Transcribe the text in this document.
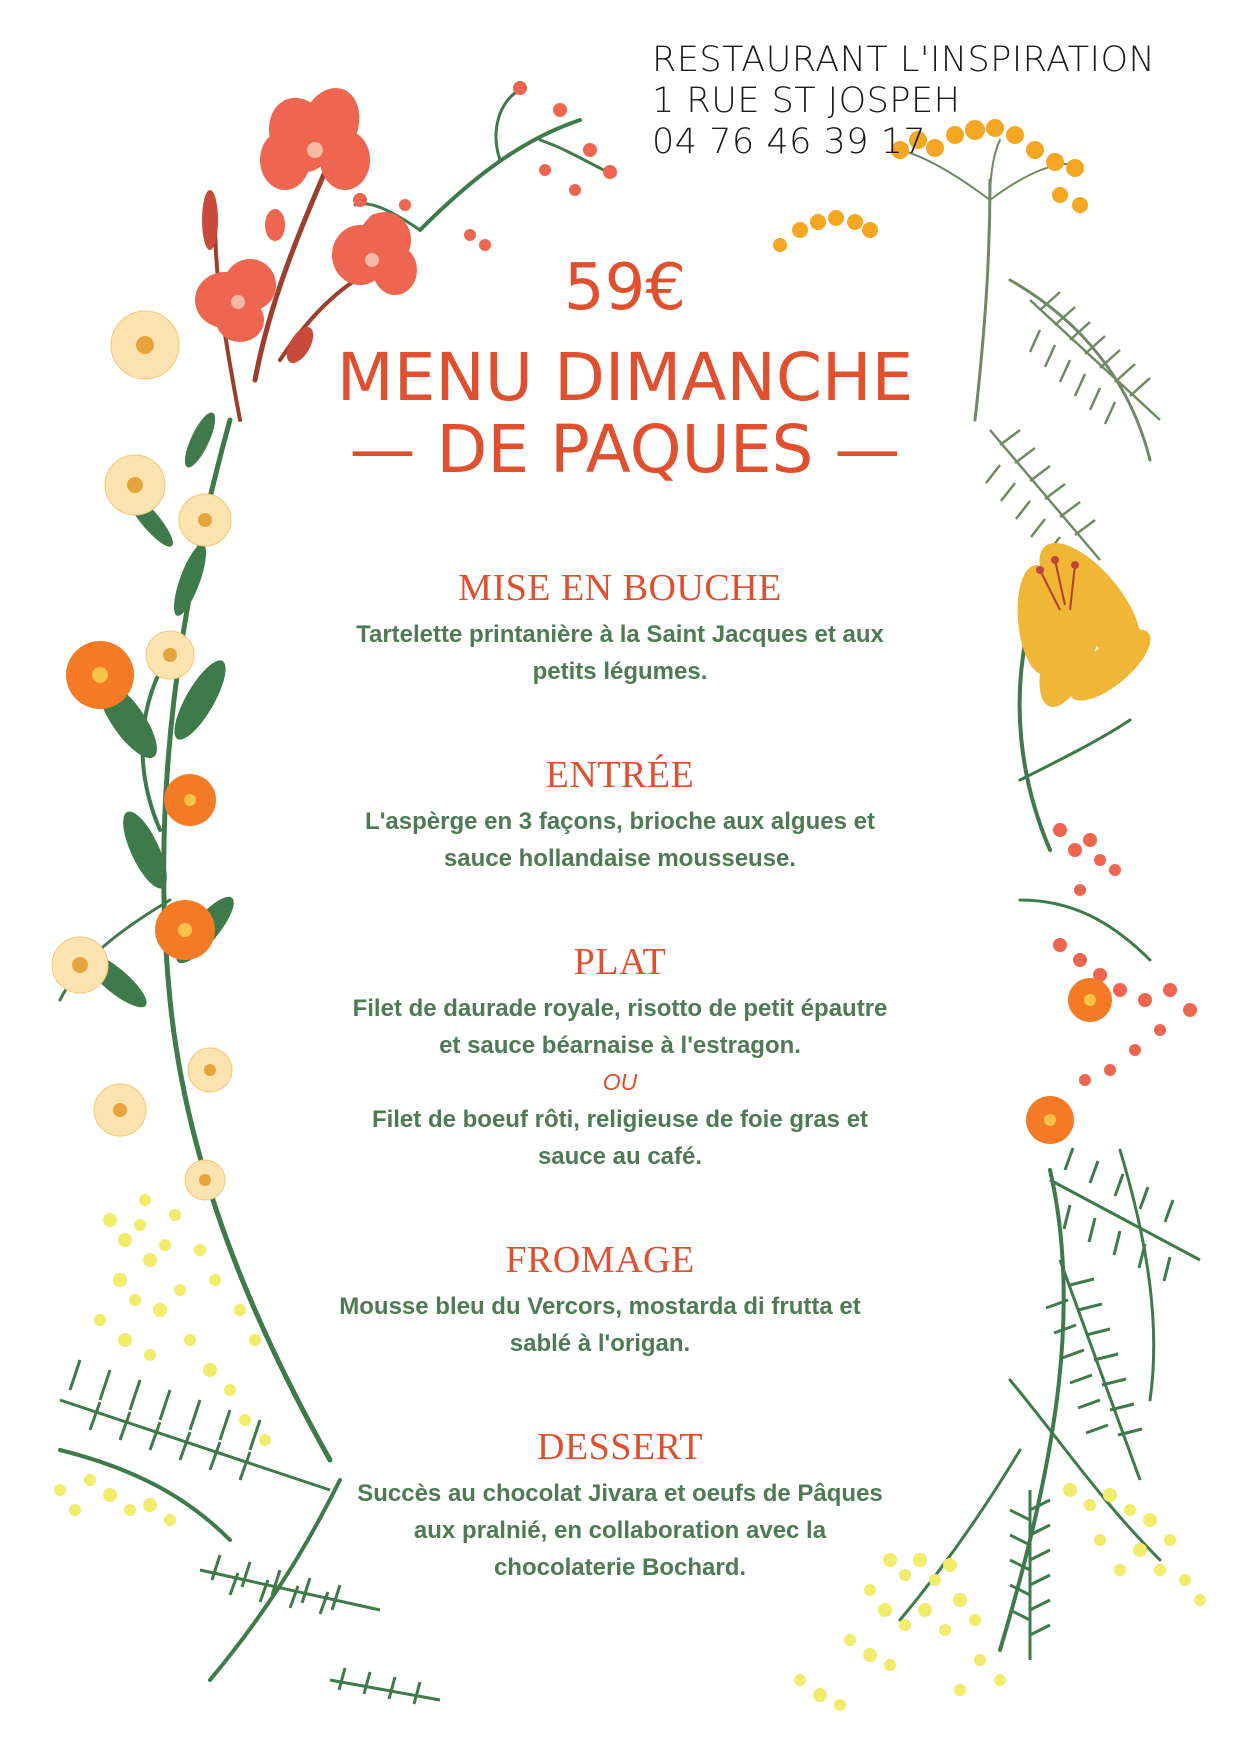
RESTAURANT L'INSPIRATION
1 RUE ST JOSPEH
04 76 46 39 17
59€
MENU DIMANCHE
— DE PAQUES —
MISE EN BOUCHE
Tartelette printanière à la Saint Jacques et aux
petits légumes.
ENTRÉE
L'aspèrge en 3 façons, brioche aux algues et
sauce hollandaise mousseuse.
PLAT
Filet de daurade royale, risotto de petit épautre
et sauce béarnaise à l'estragon.
OU
Filet de boeuf rôti, religieuse de foie gras et
sauce au café.
FROMAGE
Mousse bleu du Vercors, mostarda di frutta et
sablé à l'origan.
DESSERT
Succès au chocolat Jivara et oeufs de Pâques
aux pralnié, en collaboration avec la
chocolaterie Bochard.
